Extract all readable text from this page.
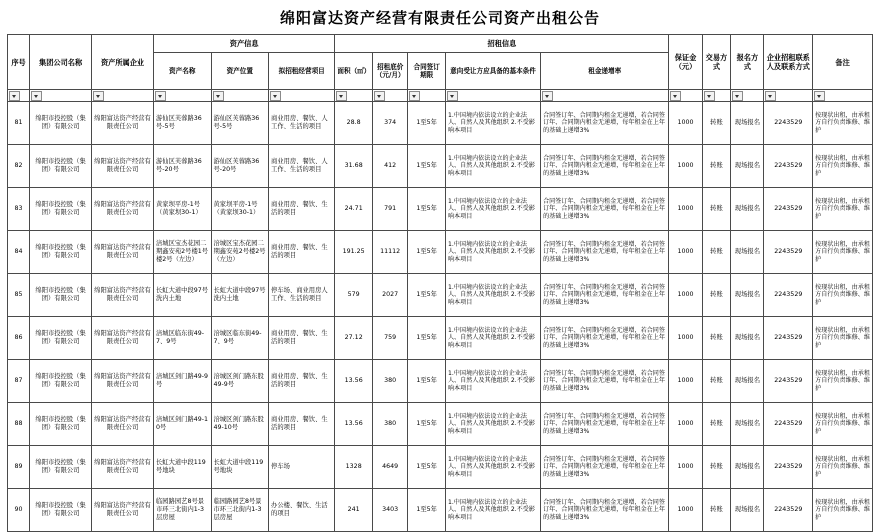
绵阳富达资产经营有限责任公司资产出租公告
序号	集团公司名称	资产所属企业	资产信息			招租信息					保证金（元）	交易方式	报名方式	企业招租联系人及联系方式	备注
			资产名称	资产位置	拟招租经营项目	面积（㎡）	招租底价（元/月）	合同签订期限	意向受让方应具备的基本条件	租金递增率					

81	绵阳市投控股（集团）有限公司	绵阳富达资产经营有限责任公司	游仙区芙蓉路36号-5号	游仙区芙蓉路36号-5号	商业用房、餐饮、人工作、生活的项目	28.8	374	1至5年	1.中国境内依法设立的企业法人、自然人及其他组织 2.不受影响本项目	合同签订年、合同期内租金无递增，若合同签订年、合同期内租金无递增，每年租金在上年的基础上递增3%	1000	转账	现场报名	2243529	按现状出租，由承租方自行负责维修、维护
82	绵阳市投控股（集团）有限公司	绵阳富达资产经营有限责任公司	游仙区芙蓉路36号-20号	游仙区芙蓉路36号-20号	商业用房、餐饮、人工作、生活的项目	31.68	412	1至5年	1.中国境内依法设立的企业法人、自然人及其他组织 2.不受影响本项目	合同签订年、合同期内租金无递增，若合同签订年、合同期内租金无递增，每年租金在上年的基础上递增3%	1000	转账	现场报名	2243529	按现状出租，由承租方自行负责维修、维护
83	绵阳市投控股（集团）有限公司	绵阳富达资产经营有限责任公司	黄家坝平房-1号（黄家坝30-1）	黄家坝平房-1号（黄家坝30-1）	商业用房、餐饮、生活的项目	24.71	791	1至5年	1.中国境内依法设立的企业法人、自然人及其他组织 2.不受影响本项目	合同签订年、合同期内租金无递增，若合同签订年、合同期内租金无递增，每年租金在上年的基础上递增3%	1000	转账	现场报名	2243529	按现状出租，由承租方自行负责维修、维护
84	绵阳市投控股（集团）有限公司	绵阳富达资产经营有限责任公司	涪城区宝杰花园二期鑫安苑2号楼1号楼2号（左边）	涪城区宝杰花园二期鑫安苑2号楼2号（左边）	商业用房、餐饮、生活的项目	191.25	11112	1至5年	1.中国境内依法设立的企业法人、自然人及其他组织 2.不受影响本项目	合同签订年、合同期内租金无递增，若合同签订年、合同期内租金无递增，每年租金在上年的基础上递增3%	1000	转账	现场报名	2243529	按现状出租，由承租方自行负责维修、维护
85	绵阳市投控股（集团）有限公司	绵阳富达资产经营有限责任公司	长虹大道中段97号洗内土地	长虹大道中段97号洗内土地	停车场、商业用房人工作、生活的项目	579	2027	1至5年	1.中国境内依法设立的企业法人、自然人及其他组织 2.不受影响本项目	合同签订年、合同期内租金无递增，若合同签订年、合同期内租金无递增，每年租金在上年的基础上递增3%	1000	转账	现场报名	2243529	按现状出租，由承租方自行负责维修、维护
86	绵阳市投控股（集团）有限公司	绵阳富达资产经营有限责任公司	涪城区临东街49-7、9号	涪城区临东街49-7、9号	商业用房、餐饮、生活的项目	27.12	759	1至5年	1.中国境内依法设立的企业法人、自然人及其他组织 2.不受影响本项目	合同签订年、合同期内租金无递增，若合同签订年、合同期内租金无递增，每年租金在上年的基础上递增3%	1000	转账	现场报名	2243529	按现状出租，由承租方自行负责维修、维护
87	绵阳市投控股（集团）有限公司	绵阳富达资产经营有限责任公司	涪城区剑门路49-9号	涪城区剑门路东股49-9号	商业用房、餐饮、生活的项目	13.56	380	1至5年	1.中国境内依法设立的企业法人、自然人及其他组织 2.不受影响本项目	合同签订年、合同期内租金无递增，若合同签订年、合同期内租金无递增，每年租金在上年的基础上递增3%	1000	转账	现场报名	2243529	按现状出租，由承租方自行负责维修、维护
88	绵阳市投控股（集团）有限公司	绵阳富达资产经营有限责任公司	涪城区剑门路49-10号	涪城区剑门路东股49-10号	商业用房、餐饮、生活的项目	13.56	380	1至5年	1.中国境内依法设立的企业法人、自然人及其他组织 2.不受影响本项目	合同签订年、合同期内租金无递增，若合同签订年、合同期内租金无递增，每年租金在上年的基础上递增3%	1000	转账	现场报名	2243529	按现状出租，由承租方自行负责维修、维护
89	绵阳市投控股（集团）有限公司	绵阳富达资产经营有限责任公司	长虹大道中段119号地块	长虹大道中段119号地块	停车场	1328	4649	1至5年	1.中国境内依法设立的企业法人、自然人及其他组织 2.不受影响本项目	合同签订年、合同期内租金无递增，若合同签订年、合同期内租金无递增，每年租金在上年的基础上递增3%	1000	转账	现场报名	2243529	按现状出租，由承租方自行负责维修、维护
90	绵阳市投控股（集团）有限公司	绵阳富达资产经营有限责任公司	临园路园艺8号景市环三北街内1-3层房屋	临园路园艺8号景市环三北街内1-3层房屋	办公楼、餐饮、生活的项目	241	3403	1至5年	1.中国境内依法设立的企业法人、自然人及其他组织 2.不受影响本项目	合同签订年、合同期内租金无递增，若合同签订年、合同期内租金无递增，每年租金在上年的基础上递增3%	1000	转账	现场报名	2243529	按现状出租，由承租方自行负责维修、维护
